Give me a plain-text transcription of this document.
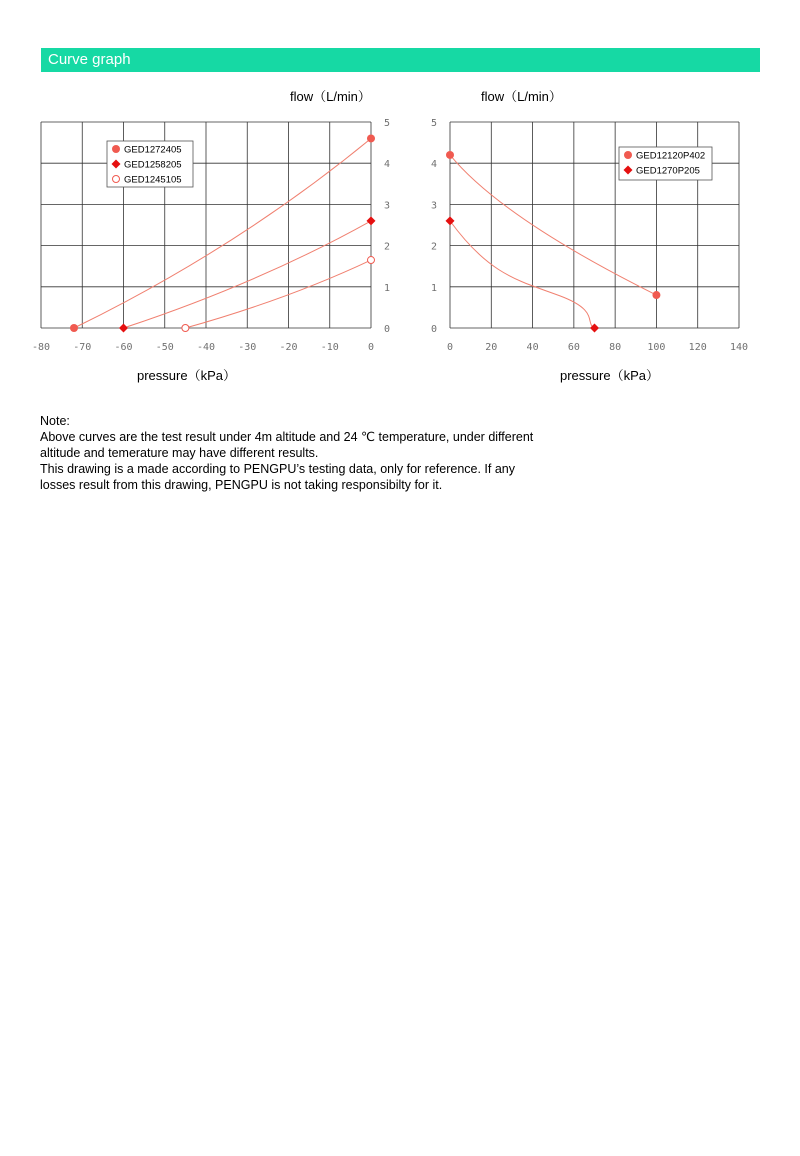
Curve graph
flow（L/min）
pressure（kPa）
flow（L/min）
pressure（kPa）
-80 -70 -60 -50 -40 -30 -20 -10	0
0
1
2
3
4
5
GED1272405
GED1258205
GED1245105
0	20	40	60	80	100 120 140
0
1
2
3
4
5
GED12120P402
GED1270P205

Note:

Above curves are the test result under 4m altitude and 24 ℃ temperature, under different

altitude and temerature may have different results.

This drawing is a made according to PENGPU’s testing data, only for reference. If any

losses result from this drawing, PENGPU is not taking responsibilty for it.
